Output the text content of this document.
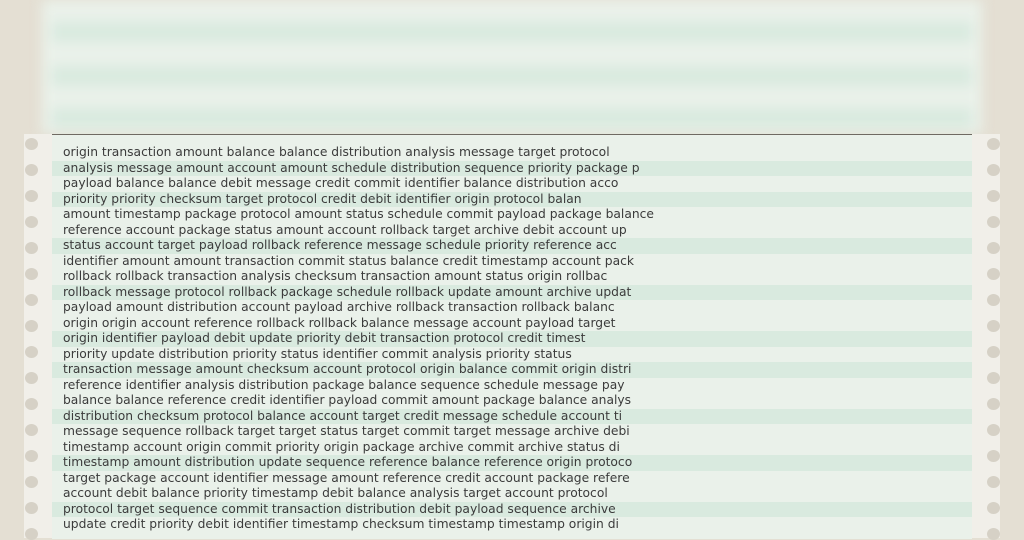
origin transaction amount balance balance distribution analysis message target protocol
analysis message amount account amount schedule distribution sequence priority package p
payload balance balance debit message credit commit identifier balance distribution acco
priority priority checksum target protocol credit debit identifier origin protocol balan
amount timestamp package protocol amount status schedule commit payload package balance
reference account package status amount account rollback target archive debit account up
status account target payload rollback reference message schedule priority reference acc
identifier amount amount transaction commit status balance credit timestamp account pack
rollback rollback transaction analysis checksum transaction amount status origin rollbac
rollback message protocol rollback package schedule rollback update amount archive updat
payload amount distribution account payload archive rollback transaction rollback balanc
origin origin account reference rollback rollback balance message account payload target
origin identifier payload debit update priority debit transaction protocol credit timest
priority update distribution priority status identifier commit analysis priority status
transaction message amount checksum account protocol origin balance commit origin distri
reference identifier analysis distribution package balance sequence schedule message pay
balance balance reference credit identifier payload commit amount package balance analys
distribution checksum protocol balance account target credit message schedule account ti
message sequence rollback target target status target commit target message archive debi
timestamp account origin commit priority origin package archive commit archive status di
timestamp amount distribution update sequence reference balance reference origin protoco
target package account identifier message amount reference credit account package refere
account debit balance priority timestamp debit balance analysis target account protocol
protocol target sequence commit transaction distribution debit payload sequence archive
update credit priority debit identifier timestamp checksum timestamp timestamp origin di
